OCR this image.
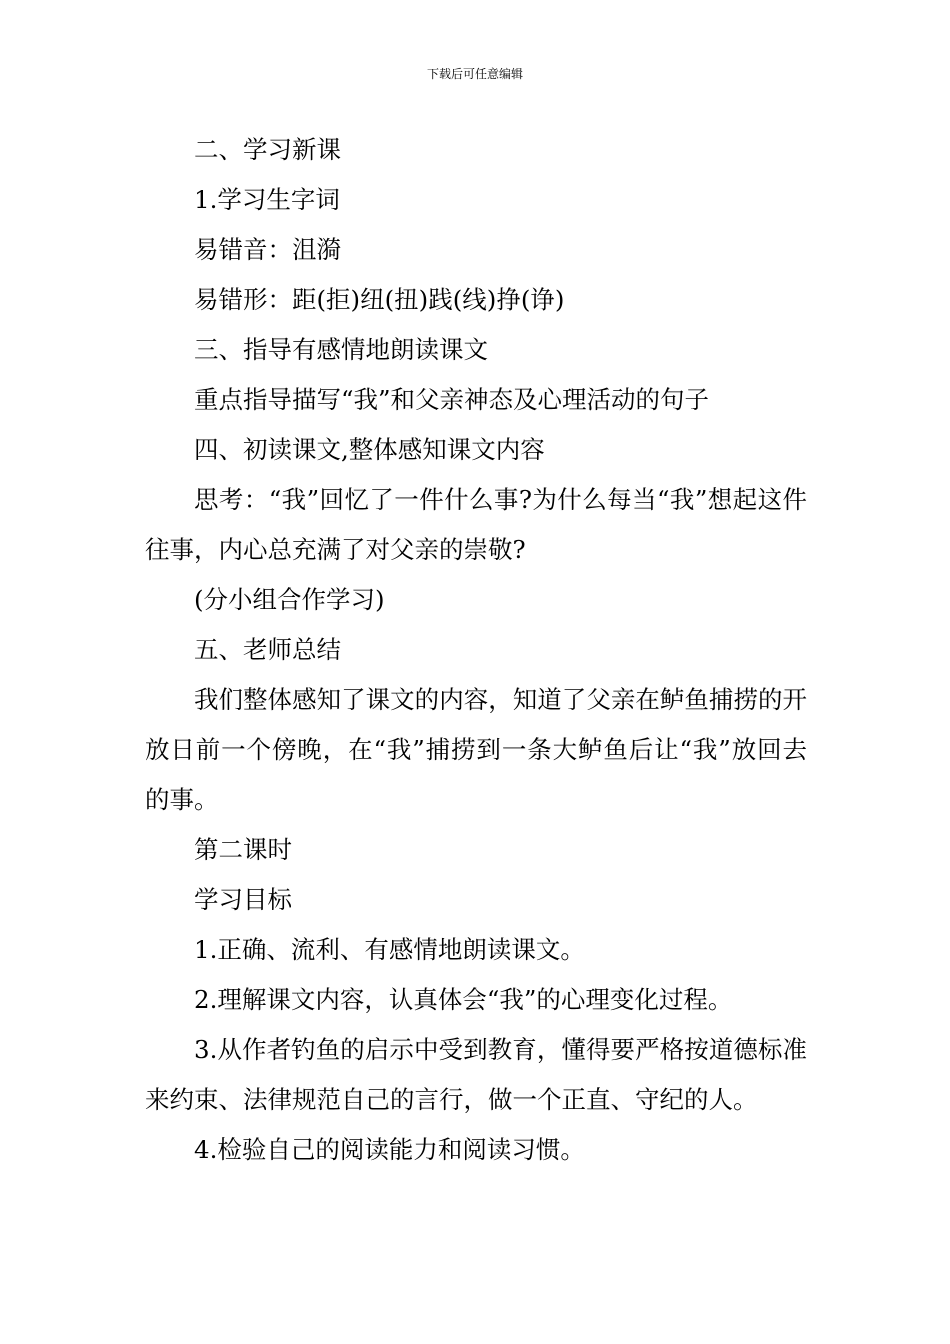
下载后可任意编辑

二、学习新课

1.学习生字词

易错音：沮漪

易错形：距(拒)纽(扭)践(线)挣(诤)

三、指导有感情地朗读课文

重点指导描写“我”和父亲神态及心理活动的句子

四、初读课文,整体感知课文内容

思考：“我”回忆了一件什么事?为什么每当“我”想起这件往事，内心总充满了对父亲的崇敬?

(分小组合作学习)

五、老师总结

我们整体感知了课文的内容，知道了父亲在鲈鱼捕捞的开放日前一个傍晚，在“我”捕捞到一条大鲈鱼后让“我”放回去的事。

第二课时

学习目标

1.正确、流利、有感情地朗读课文。

2.理解课文内容，认真体会“我”的心理变化过程。

3.从作者钓鱼的启示中受到教育，懂得要严格按道德标准来约束、法律规范自己的言行，做一个正直、守纪的人。

4.检验自己的阅读能力和阅读习惯。
